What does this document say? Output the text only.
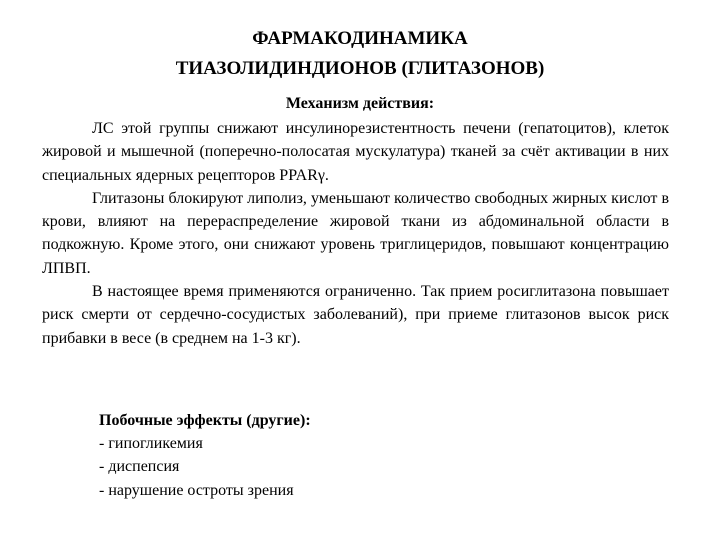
ФАРМАКОДИНАМИКА
ТИАЗОЛИДИНДИОНОВ (ГЛИТАЗОНОВ)
Механизм действия:

ЛС этой группы снижают инсулинорезистентность печени (гепатоцитов), клеток жировой и мышечной (поперечно-полосатая мускулатура) тканей за счёт активации в них специальных ядерных рецепторов PPARγ.

Глитазоны блокируют липолиз, уменьшают количество свободных жирных кислот в крови, влияют на перераспределение жировой ткани из абдоминальной области в подкожную. Кроме этого, они снижают уровень триглицеридов, повышают концентрацию ЛПВП.

В настоящее время применяются ограниченно. Так прием росиглитазона повышает риск смерти от сердечно-сосудистых заболеваний), при приеме глитазонов высок риск прибавки в весе (в среднем на 1-3 кг).

Побочные эффекты (другие):
- гипогликемия
- диспепсия
- нарушение остроты зрения
